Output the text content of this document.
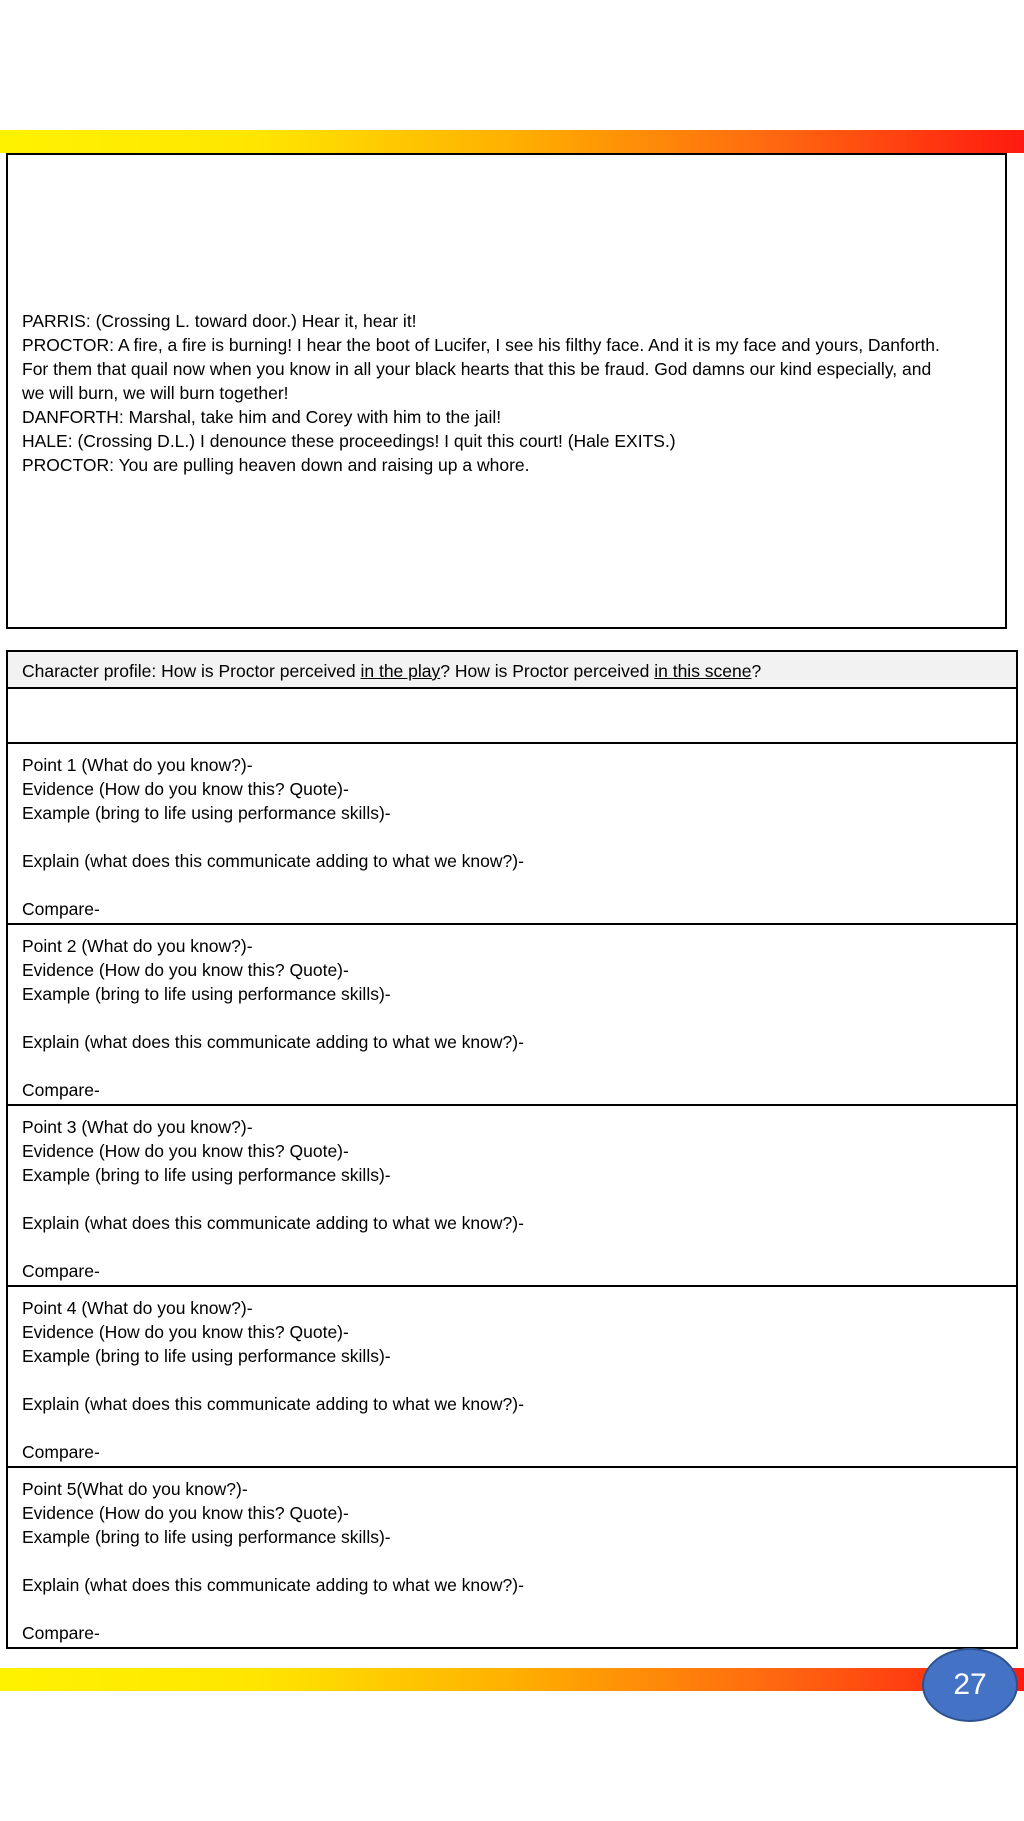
PARRIS: (Crossing L. toward door.) Hear it, hear it!
PROCTOR: A fire, a fire is burning! I hear the boot of Lucifer, I see his filthy face. And it is my face and yours, Danforth.
For them that quail now when you know in all your black hearts that this be fraud. God damns our kind especially, and
we will burn, we will burn together!
DANFORTH: Marshal, take him and Corey with him to the jail!
HALE: (Crossing D.L.) I denounce these proceedings! I quit this court! (Hale EXITS.)
PROCTOR: You are pulling heaven down and raising up a whore.
Character profile: How is Proctor perceived in the play? How is Proctor perceived in this scene?
Point 1 (What do you know?)-
Evidence (How do you know this? Quote)-
Example (bring to life using performance skills)-
Explain (what does this communicate adding to what we know?)-
Compare-
Point 2 (What do you know?)-
Evidence (How do you know this? Quote)-
Example (bring to life using performance skills)-
Explain (what does this communicate adding to what we know?)-
Compare-
Point 3 (What do you know?)-
Evidence (How do you know this? Quote)-
Example (bring to life using performance skills)-
Explain (what does this communicate adding to what we know?)-
Compare-
Point 4 (What do you know?)-
Evidence (How do you know this? Quote)-
Example (bring to life using performance skills)-
Explain (what does this communicate adding to what we know?)-
Compare-
Point 5(What do you know?)-
Evidence (How do you know this? Quote)-
Example (bring to life using performance skills)-
Explain (what does this communicate adding to what we know?)-
Compare-
27
